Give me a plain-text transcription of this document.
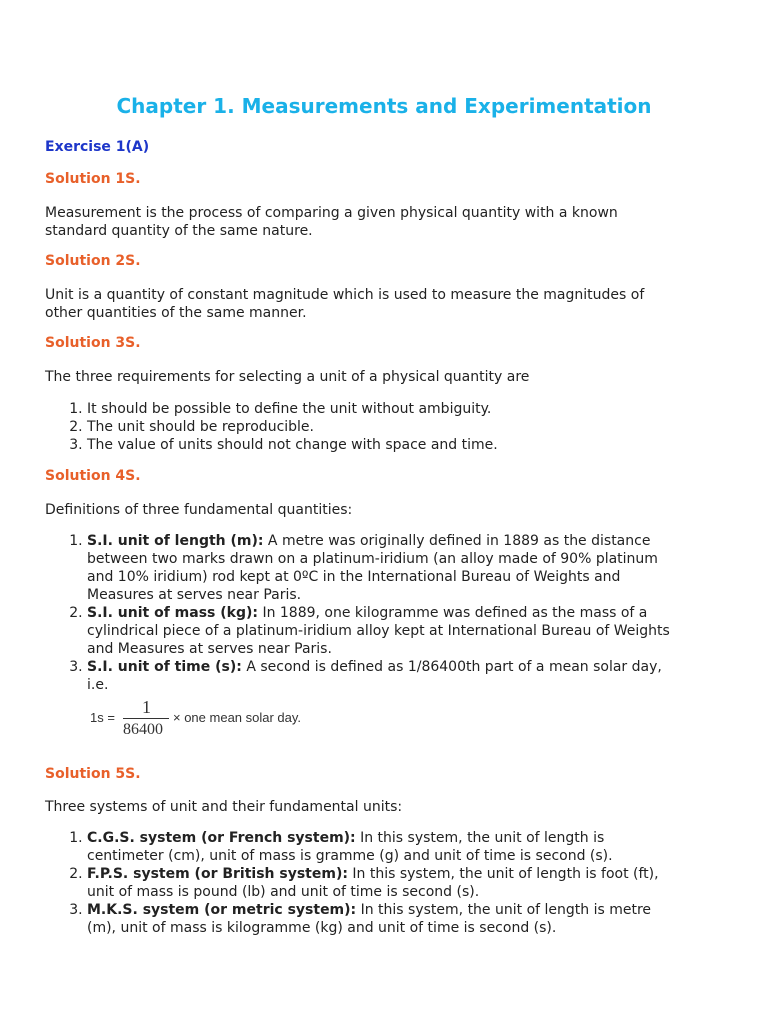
Chapter 1. Measurements and Experimentation

Exercise 1(A)

Solution 1S.

Measurement is the process of comparing a given physical quantity with a known
standard quantity of the same nature.

Solution 2S.

Unit is a quantity of constant magnitude which is used to measure the magnitudes of
other quantities of the same manner.

Solution 3S.

The three requirements for selecting a unit of a physical quantity are

1. It should be possible to define the unit without ambiguity.
2. The unit should be reproducible.
3. The value of units should not change with space and time.

Solution 4S.

Definitions of three fundamental quantities:

1. S.I. unit of length (m): A metre was originally defined in 1889 as the distance
between two marks drawn on a platinum-iridium (an alloy made of 90% platinum
and 10% iridium) rod kept at 0ºC in the International Bureau of Weights and
Measures at serves near Paris.
2. S.I. unit of mass (kg): In 1889, one kilogramme was defined as the mass of a
cylindrical piece of a platinum-iridium alloy kept at International Bureau of Weights
and Measures at serves near Paris.
3. S.I. unit of time (s): A second is defined as 1/86400th part of a mean solar day,
i.e.
1s =
1
86400
× one mean solar day.

Solution 5S.

Three systems of unit and their fundamental units:

1. C.G.S. system (or French system): In this system, the unit of length is
centimeter (cm), unit of mass is gramme (g) and unit of time is second (s).
2. F.P.S. system (or British system): In this system, the unit of length is foot (ft),
unit of mass is pound (lb) and unit of time is second (s).
3. M.K.S. system (or metric system): In this system, the unit of length is metre
(m), unit of mass is kilogramme (kg) and unit of time is second (s).
